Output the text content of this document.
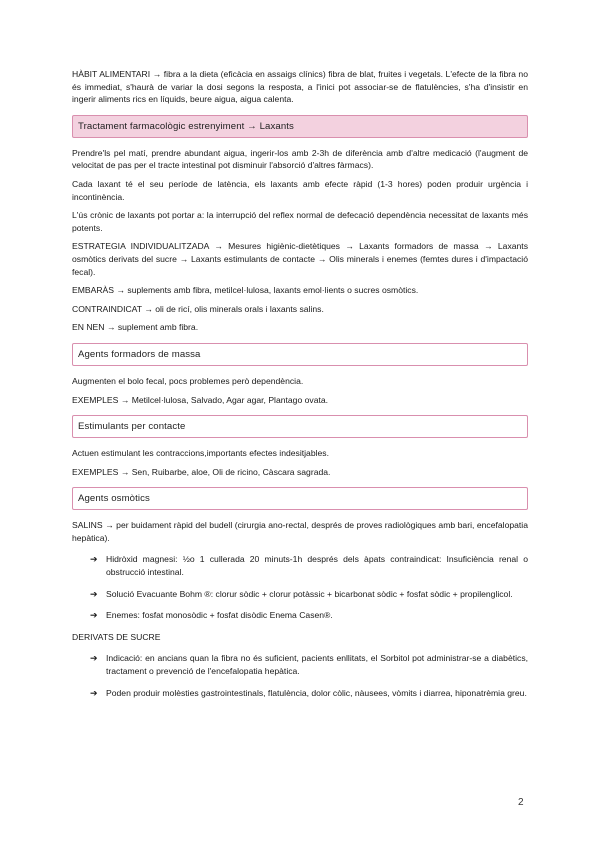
HÀBIT ALIMENTARI → fibra a la dieta (eficàcia en assaigs clínics) fibra de blat, fruites i vegetals. L'efecte de la fibra no és immediat, s'haurà de variar la dosi segons la resposta, a l'inici pot associar-se de flatulències, s'ha d'insistir en ingerir aliments rics en líquids, beure aigua, aigua calenta.

Tractament farmacològic estrenyiment → Laxants

Prendre'ls pel matí, prendre abundant aigua, ingerir-los amb 2-3h de diferència amb d'altre medicació (l'augment de velocitat de pas per el tracte intestinal pot disminuir l'absorció d'altres fàrmacs).

Cada laxant té el seu període de latència, els laxants amb efecte ràpid (1-3 hores) poden produir urgència i incontinència.

L'ús crònic de laxants pot portar a: la interrupció del reflex normal de defecació dependència necessitat de laxants més potents.

ESTRATEGIA INDIVIDUALITZADA → Mesures higiènic-dietètiques → Laxants formadors de massa → Laxants osmòtics derivats del sucre → Laxants estimulants de contacte → Olis minerals i enemes (femtes dures i d'impactació fecal).

EMBARÀS → suplements amb fibra, metilcel·lulosa, laxants emol·lients o sucres osmòtics.

CONTRAINDICAT → oli de ricí, olis minerals orals i laxants salins.

EN NEN → suplement amb fibra.

Agents formadors de massa

Augmenten el bolo fecal, pocs problemes però dependència.

EXEMPLES → Metilcel·lulosa, Salvado, Agar agar, Plantago ovata.

Estimulants per contacte

Actuen estimulant les contraccions,importants efectes indesitjables.

EXEMPLES → Sen, Ruibarbe, aloe, Oli de ricino, Càscara sagrada.

Agents osmòtics

SALINS → per buidament ràpid del budell (cirurgia ano-rectal, després de proves radiològiques amb bari, encefalopatia hepàtica).

➔ Hidròxid magnesi: ½o 1 cullerada 20 minuts-1h després dels àpats contraindicat: Insuficiència renal o obstrucció intestinal.
➔ Solució Evacuante Bohm ®: clorur sòdic + clorur potàssic + bicarbonat sòdic + fosfat sòdic + propilenglicol.
➔ Enemes: fosfat monosòdic + fosfat disòdic Enema Casen®.

DERIVATS DE SUCRE

➔ Indicació: en ancians quan la fibra no és suficient, pacients enllitats, el Sorbitol pot administrar-se a diabètics, tractament o prevenció de l'encefalopatia hepàtica.
➔ Poden produir molèsties gastrointestinals, flatulència, dolor còlic, nàusees, vòmits i diarrea, hiponatrèmia greu.
2
